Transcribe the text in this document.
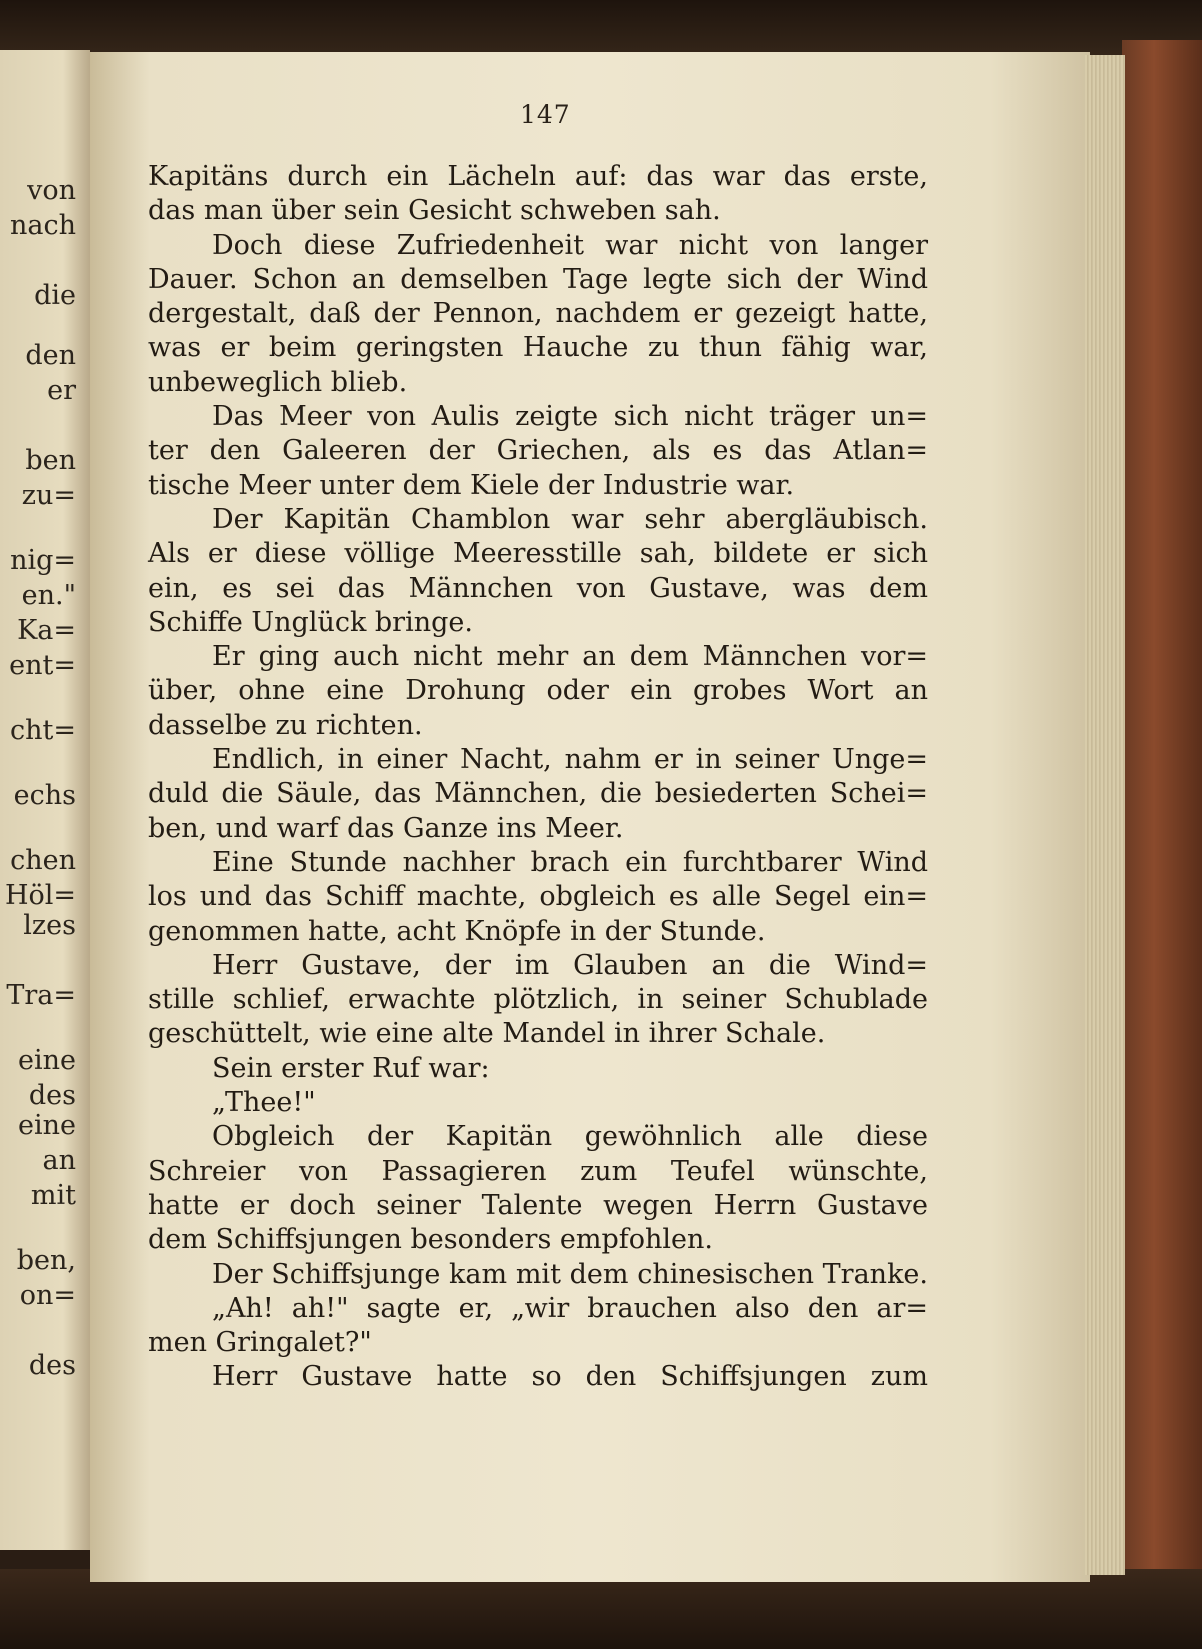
von
nach
die
den
er
ben
zu=
nig=
en."
Ka=
ent=
cht=
echs
chen
Höl=
lzes
Tra=
eine
des
eine
an
mit
ben,
on=
des
147
Kapitäns durch ein Lächeln auf: das war das erste,
das man über sein Gesicht schweben sah.
Doch diese Zufriedenheit war nicht von langer
Dauer. Schon an demselben Tage legte sich der Wind
dergestalt, daß der Pennon, nachdem er gezeigt hatte,
was er beim geringsten Hauche zu thun fähig war,
unbeweglich blieb.
Das Meer von Aulis zeigte sich nicht träger un=
ter den Galeeren der Griechen, als es das Atlan=
tische Meer unter dem Kiele der Industrie war.
Der Kapitän Chamblon war sehr abergläubisch.
Als er diese völlige Meeresstille sah, bildete er sich
ein, es sei das Männchen von Gustave, was dem
Schiffe Unglück bringe.
Er ging auch nicht mehr an dem Männchen vor=
über, ohne eine Drohung oder ein grobes Wort an
dasselbe zu richten.
Endlich, in einer Nacht, nahm er in seiner Unge=
duld die Säule, das Männchen, die besiederten Schei=
ben, und warf das Ganze ins Meer.
Eine Stunde nachher brach ein furchtbarer Wind
los und das Schiff machte, obgleich es alle Segel ein=
genommen hatte, acht Knöpfe in der Stunde.
Herr Gustave, der im Glauben an die Wind=
stille schlief, erwachte plötzlich, in seiner Schublade
geschüttelt, wie eine alte Mandel in ihrer Schale.
Sein erster Ruf war:
„Thee!"
Obgleich der Kapitän gewöhnlich alle diese
Schreier von Passagieren zum Teufel wünschte,
hatte er doch seiner Talente wegen Herrn Gustave
dem Schiffsjungen besonders empfohlen.
Der Schiffsjunge kam mit dem chinesischen Tranke.
„Ah! ah!" sagte er, „wir brauchen also den ar=
men Gringalet?"
Herr Gustave hatte so den Schiffsjungen zum
